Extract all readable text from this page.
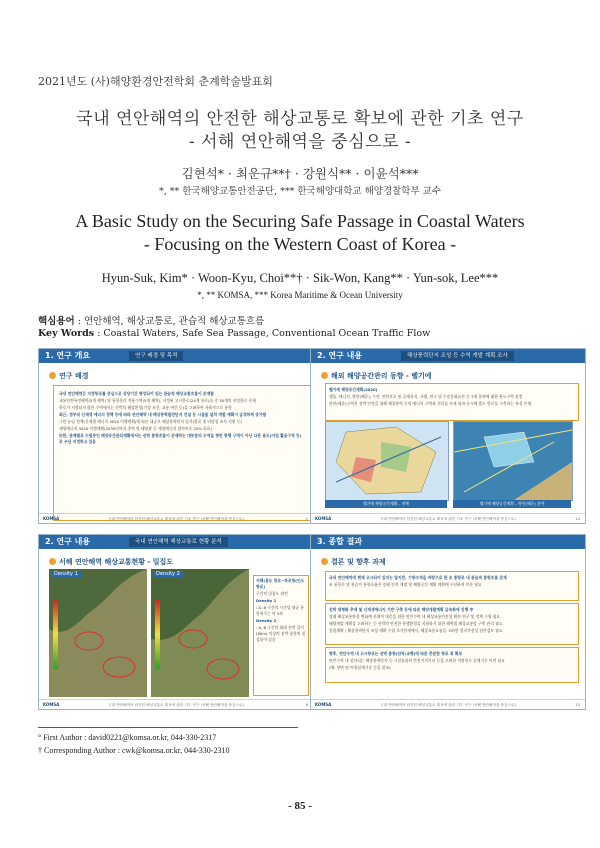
2021년도 (사)해양환경안전학회 춘계학술발표회
국내 연안해역의 안전한 해상교통로 확보에 관한 기초 연구
- 서해 연안해역을 중심으로 -
김현석* · 최운규**† · 강원식** · 이윤석***
*, ** 한국해양교통안전공단, *** 한국해양대학교 해양경찰학부 교수
A Basic Study on the Securing Safe Passage in Coastal Waters
- Focusing on the Western Coast of Korea -
Hyun-Suk, Kim* · Woon-Kyu, Choi**† · Sik-Won, Kang** · Yun-sok, Lee***
*, ** KOMSA, *** Korea Maritime & Ocean University
핵심용어 : 연안해역, 해상교통로, 관습적 해상교통흐름
Key Words : Coastal Waters, Safe Sea Passage, Conventional Ocean Traffic Flow
1. 연구 개요	연구 배경 및 목적
연구 배경

국내 연안해역은 지정항로를 중심으로 상당기간 형성되어 있는 관습적 해상교통흐름이 존재함

교통안전특정해역(5개 해역) 및 통항분리 적용수역(5개 해역), 지정된 고시항로(24개 항로)를 중 30개의 지정항로 존재

항로가 지정되지 않은 수역에서는 선박의 해상환경(기상 조건, 교통 여건 등)을 고려하여 자율적으로 통항

최근, 정부의 신재생 에너지 정책 등에 따라 연안해역 내 해상풍력발전단지 건설 등 시설물 설치 개발 계획이 급격하게 증가함

그린 뉴딜 정책(신재생 에너지 3020 이행계획)에 따른 대규모 해상풍력단지 입지(발굴 및 타당성 조사 지원 등)

재생에너지 3020 이행계획(2030년까지 총력 및 태양광 등 재생에너지 발전비중 20% 목표)

또한, 관계별로 수립중인 해양공간관리계획에서는 선박 통항흐름이 존재하는 대부분의 수역을 항만 항행 구역이 아닌 다른 용도(어업 활용구역 등)로 우선 지정하고 있음

KOMSA	국내 연안해역의 안전한 해상교통로 확보에 관한 기초 연구 (서해 연안해역을 중심으로)	1
2. 연구 내용	해상풍력단지 조성 등 수역 개발 계획 조사
해외 해양공간관리 동향 - 벨기에

벨기에 해양공간계획(2020)

생물, 에너지, 항만(해운), 수산, 연안보호 및 공재육지, 국방, 연구 및 수중문화유산 등 7개 분야에 대한 용도구역 설정

항만(해운)구역은 선박 안전을 위해 해상풍력 등의 에너지 구역과 거리를 두게 함과 동시에 별도 항로를 구축하는 특징 존재

벨기에 해양공간계획 – 전체	벨기에 해양공간계획 – 항만(해운) 분야
KOMSA	국내 연안해역의 안전한 해상교통로 확보에 관한 기초 연구 (서해 연안해역을 중심으로)	14
2. 연구 내용	국내 연안해역 해상교통로 현황 분석
서해 연안해역 해상교통현황 - 밀집도
Density 1	Density 2

서해(용도 항로~목포항(인도 항로)

구간의 밀집도 관련

Density 1

: A, B 구간의 시간당 평균 통항척수는 약 3척

Density 2

: A, B 구간의 최대 선박 길이(60m) 이상의 선박 통항의 밀집되어 있음

KOMSA	국내 연안해역의 안전한 해상교통로 확보에 관한 기초 연구 (서해 연안해역을 중심으로)	8
3. 종합 결과
결론 및 향후 과제

국내 연안해역에 현재 고시되어 있지는 않지만, 기항수역을 바탕으로 한 조 통항로 내 관습적 통항흐름 존재

조 통항로 및 관습적 통항흐름은 종래 안전 개발 및 해양공간 계획 계획에 우선하여 보존 필요

선박 대형화 추세 및 신재생에너지 기반 구축 등에 따른 해양개발계획 급속화에 진행 中

장래 해상교통환경 변화에 선제적 대응을 위한 연안수역 내 해상교통안전성 확보 연구 및 정책 수립 필요

해양개발 계획을 고려하는 등 선박의 안전한 항행환경을 지원하기 위한 해역별 해상교통망 구축 관리 필요

종합계획 / 해상풍력단지 조성 계획 수립 초기단계에서, 해상교통흐름을 고려한 입지적정성 심층검토 필요

향후, 연안수역 내 고시항로는 선박 통항(단독/교행)에 따른 충분한 항로 폭 확보

연안수역 내 설치되는 해상풍력단지 등 시설물과의 안전이격거리 등을 고려한 적정항로 설계기준 마련 필요

(예: 항만 및 어항설계기준 등을 참조)

KOMSA	국내 연안해역의 안전한 해상교통로 확보에 관한 기초 연구 (서해 연안해역을 중심으로)	15
° First Author : david0221@komsa.or.kr, 044-330-2317
† Corresponding Author : cwk@komsa.or.kr, 044-330-2310
- 85 -
